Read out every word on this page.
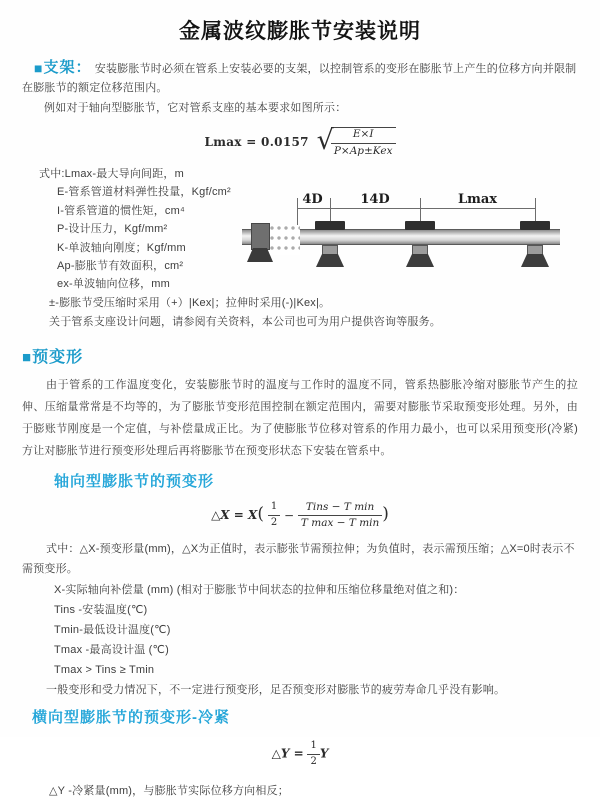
金属波纹膨胀节安装说明

■支架： 安装膨胀节时必须在管系上安装必要的支架，以控制管系的变形在膨胀节上产生的位移方向并限制在膨胀节的额定位移范围内。

例如对于轴向型膨胀节，它对管系支座的基本要求如图所示：

Lmax = 0.0157 √
$\frac{E\times I}{\text{P×Ap±Kex}}$
式中:Lmax-最大导向间距，m
E-管系管道材料弹性投量，Kgf/cm²
I-管系管道的惯性矩，cm⁴
P-设计压力，Kgf/mm²
K-单波轴向刚度；Kgf/mm
Ap-膨胀节有效面积，cm²
ex-单波轴向位移，mm
±-膨胀节受压缩时采用（+）|Kex|；拉伸时采用(-)|Kex|。
关于管系支座设计问题，请参阅有关资料，本公司也可为用户提供咨询等服务。
■预变形

由于管系的工作温度变化，安装膨胀节时的温度与工作时的温度不同，管系热膨胀冷缩对膨胀节产生的拉伸、压缩量常常是不均等的，为了膨胀节变形范围控制在额定范围内，需要对膨胀节采取预变形处理。另外，由于膨账节刚度是一个定值，与补偿量成正比。为了使膨胀节位移对管系的作用力最小，也可以采用预变形(冷紧)方让对膨胀节进行预变形处理后再将膨胀节在预变形状态下安装在管系中。

轴向型膨胀节的预变形
△X = $X( \frac{1}{2} - \frac{\text{Tins − T min}}{\text{T max − T min}}$ )

式中：△X-预变形量(mm)，△X为正值时，表示膨张节需预拉伸；为负值时，表示需预压缩；△X=0时表示不需预变形。

X-实际轴向补偿量 (mm) (相对于膨胀节中间状态的拉伸和压缩位移量绝对值之和)：
Tins -安装温度(℃)
Tmin-最低设计温度(℃)
Tmax -最高设计温 (℃)
Tmax > Tins ≥ Tmin
一般变形和受力情况下，不一定进行预变形，足否预变形对膨胀节的疲劳寿命几乎没有影响。
横向型膨胀节的预变形-冷紧
△Y = $\frac{1}{2}$ Y
△Y -冷紧量(mm)，与膨胀节实际位移方向相反；
4D	14D	Lmax
